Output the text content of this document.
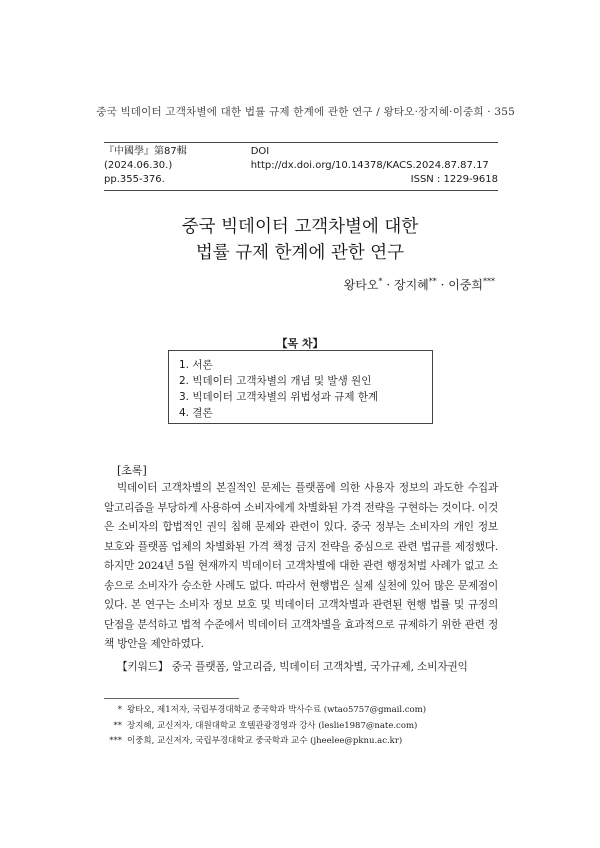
중국 빅데이터 고객차별에 대한 법률 규제 한계에 관한 연구 / 왕타오·장지혜·이중희 · 355
『中國學』第87輯 (2024.06.30.)
DOI http://dx.doi.org/10.14378/KACS.2024.87.87.17
pp.355-376.	ISSN : 1229-9618
중국 빅데이터 고객차별에 대한
법률 규제 한계에 관한 연구
왕타오* · 장지혜** · 이중희***
【목 차】
1. 서론
2. 빅데이터 고객차별의 개념 및 발생 원인
3. 빅데이터 고객차별의 위법성과 규제 한계
4. 결론
[초록]
빅데이터 고객차별의 본질적인 문제는 플랫폼에 의한 사용자 정보의 과도한 수집과 알고리즘을 부당하게 사용하여 소비자에게 차별화된 가격 전략을 구현하는 것이다. 이것은 소비자의 합법적인 권익 침해 문제와 관련이 있다. 중국 정부는 소비자의 개인 정보 보호와 플랫폼 업체의 차별화된 가격 책정 금지 전략을 중심으로 관련 법규를 제정했다. 하지만 2024년 5월 현재까지 빅데이터 고객차별에 대한 관련 행정처벌 사례가 없고 소송으로 소비자가 승소한 사례도 없다. 따라서 현행법은 실제 실천에 있어 많은 문제점이 있다. 본 연구는 소비자 정보 보호 및 빅데이터 고객차별과 관련된 현행 법률 및 규정의 단점을 분석하고 법적 수준에서 빅데이터 고객차별을 효과적으로 규제하기 위한 관련 정책 방안을 제안하였다.
【키워드】 중국 플랫폼, 알고리즘, 빅데이터 고객차별, 국가규제, 소비자권익
* 왕타오, 제1저자, 국립부경대학교 중국학과 박사수료 (wtao5757@gmail.com)
** 장지혜, 교신저자, 대원대학교 호텔관광경영과 강사 (leslie1987@nate.com)
*** 이중희, 교신저자, 국립부경대학교 중국학과 교수 (jheelee@pknu.ac.kr)
